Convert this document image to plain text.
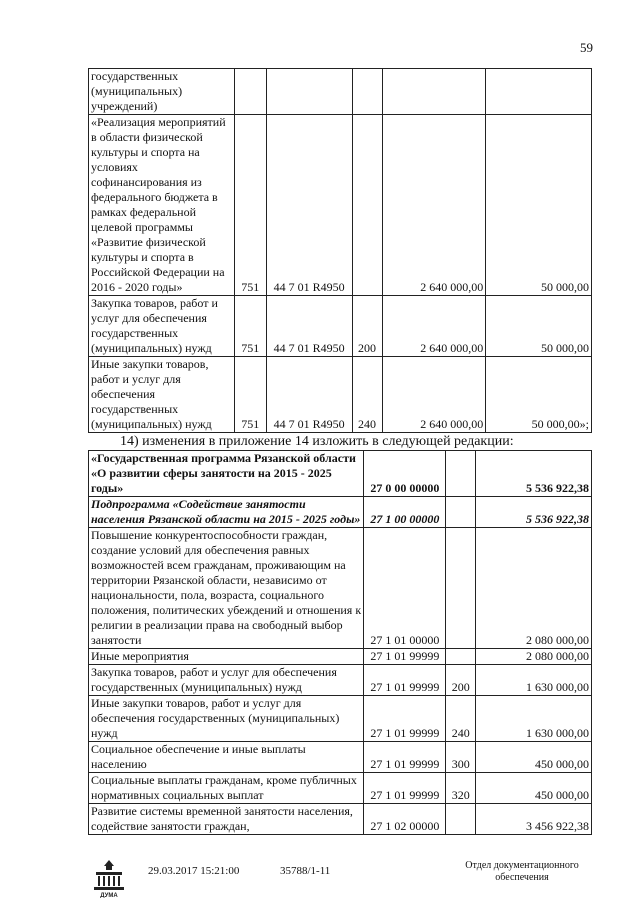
59
государственных (муниципальных) учреждений)					
«Реализация мероприятий в области физической культуры и спорта на условиях софинансирования из федерального бюджета в рамках федеральной целевой программы «Развитие физической культуры и спорта в Российской Федерации на 2016 - 2020 годы»	751	44 7 01 R4950		2 640 000,00	50 000,00
Закупка товаров, работ и услуг для обеспечения государственных (муниципальных) нужд	751	44 7 01 R4950	200	2 640 000,00	50 000,00
Иные закупки товаров, работ и услуг для обеспечения государственных (муниципальных) нужд	751	44 7 01 R4950	240	2 640 000,00	50 000,00»;
14) изменения в приложение 14 изложить в следующей редакции:
«Государственная программа Рязанской области «О развитии сферы занятости на 2015 - 2025 годы»	27 0 00 00000		5 536 922,38
Подпрограмма «Содействие занятости населения Рязанской области на 2015 - 2025 годы»	27 1 00 00000		5 536 922,38
Повышение конкурентоспособности граждан, создание условий для обеспечения равных возможностей всем гражданам, проживающим на территории Рязанской области, независимо от национальности, пола, возраста, социального положения, политических убеждений и отношения к религии в реализации права на свободный выбор занятости	27 1 01 00000		2 080 000,00
Иные мероприятия	27 1 01 99999		2 080 000,00
Закупка товаров, работ и услуг для обеспечения государственных (муниципальных) нужд	27 1 01 99999	200	1 630 000,00
Иные закупки товаров, работ и услуг для обеспечения государственных (муниципальных) нужд	27 1 01 99999	240	1 630 000,00
Социальное обеспечение и иные выплаты населению	27 1 01 99999	300	450 000,00
Социальные выплаты гражданам, кроме публичных нормативных социальных выплат	27 1 01 99999	320	450 000,00
Развитие системы временной занятости населения, содействие занятости граждан,	27 1 02 00000		3 456 922,38
ДУМА
29.03.2017 15:21:00	35788/1-11	Отдел документационного
обеспечения
